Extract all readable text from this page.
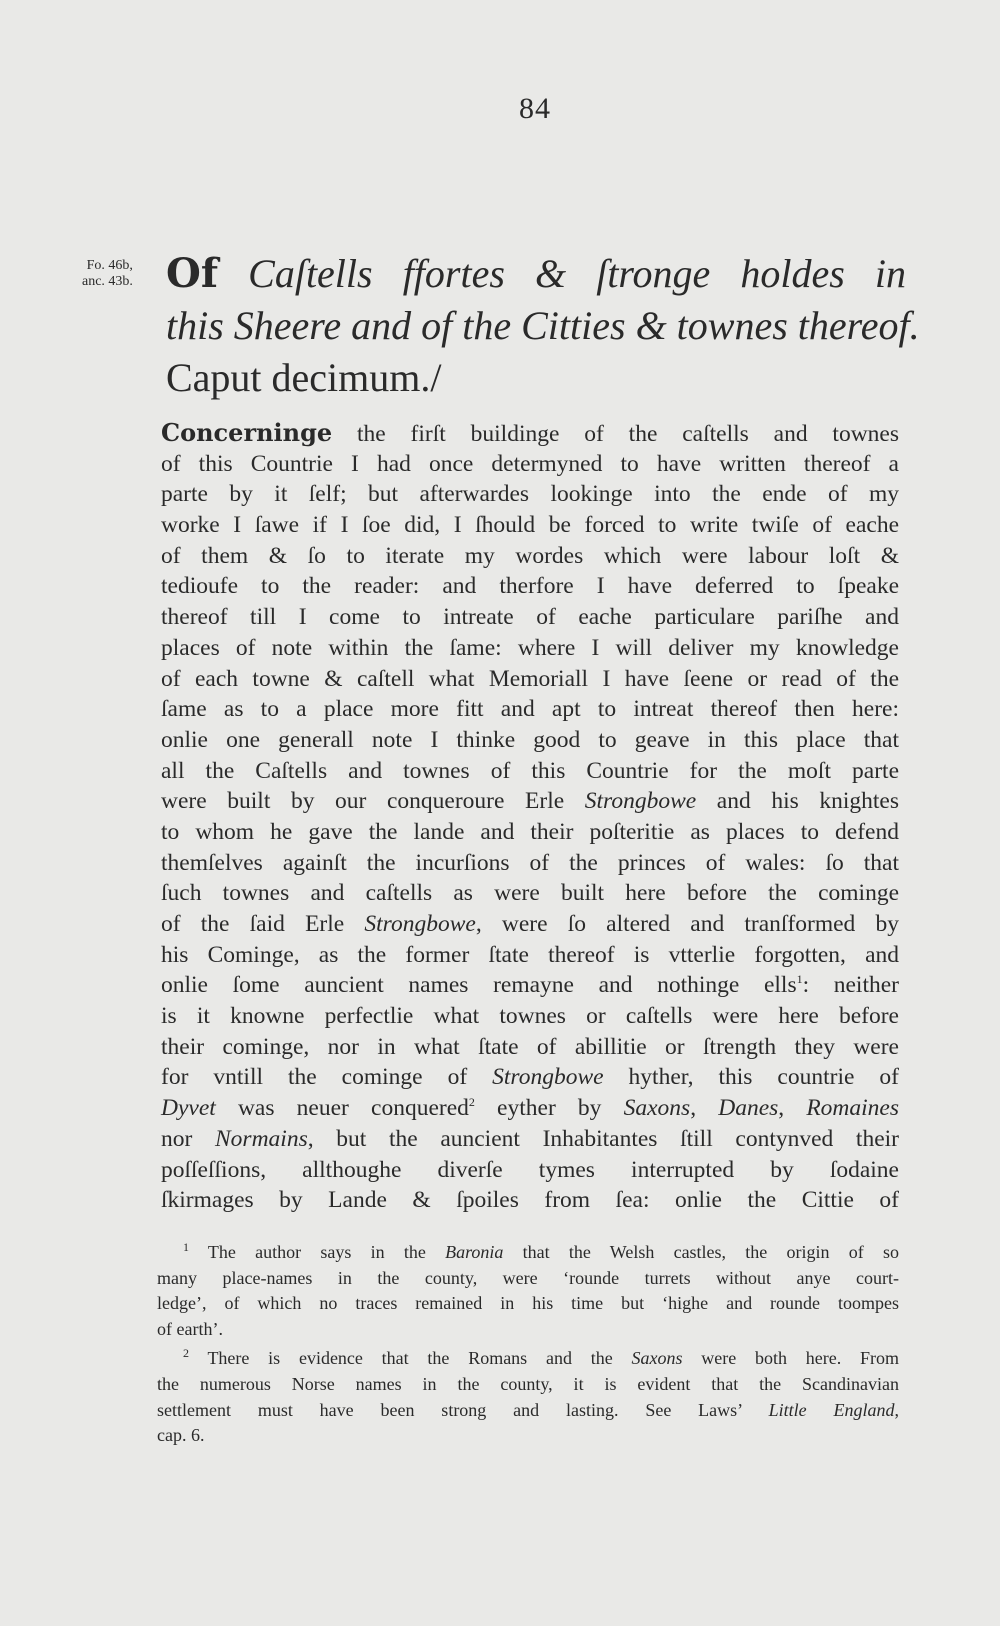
84
Fo. 46b,
anc. 43b. Of Caſtells ffortes & ſtronge holdes in
this Sheere and of the Citties & townes thereof.
Caput decimum./
Concerninge the firſt buildinge of the caſtells and townes
of this Countrie I had once determyned to have written thereof a
parte by it ſelf; but afterwardes lookinge into the ende of my
worke I ſawe if I ſoe did, I ſhould be forced to write twiſe of eache
of them & ſo to iterate my wordes which were labour loſt &
tedioufe to the reader: and therfore I have deferred to ſpeake
thereof till I come to intreate of eache particulare pariſhe and
places of note within the ſame: where I will deliver my knowledge
of each towne & caſtell what Memoriall I have ſeene or read of the
ſame as to a place more fitt and apt to intreat thereof then here:
onlie one generall note I thinke good to geave in this place that
all the Caſtells and townes of this Countrie for the moſt parte
were built by our conqueroure Erle Strongbowe and his knightes
to whom he gave the lande and their poſteritie as places to defend
themſelves againſt the incurſions of the princes of wales: ſo that
ſuch townes and caſtells as were built here before the cominge
of the ſaid Erle Strongbowe, were ſo altered and tranſformed by
his Cominge, as the former ſtate thereof is vtterlie forgotten, and
onlie ſome auncient names remayne and nothinge ells$^1$: neither
is it knowne perfectlie what townes or caſtells were here before
their cominge, nor in what ſtate of abillitie or ſtrength they were
for vntill the cominge of Strongbowe hyther, this countrie of
Dyvet was neuer conquered$^2$ eyther by Saxons, Danes, Romaines
nor Normains, but the auncient Inhabitantes ſtill contynved their
poſſeſſions, allthoughe diverſe tymes interrupted by ſodaine
ſkirmages by Lande & ſpoiles from ſea: onlie the Cittie of
$^1$ The author says in the Baronia that the Welsh castles, the origin of so
many place-names in the county, were ‘rounde turrets without anye court-
ledge’, of which no traces remained in his time but ‘highe and rounde toompes
of earth’.
$^2$ There is evidence that the Romans and the Saxons were both here. From
the numerous Norse names in the county, it is evident that the Scandinavian
settlement must have been strong and lasting. See Laws’ Little England,
cap. 6.
